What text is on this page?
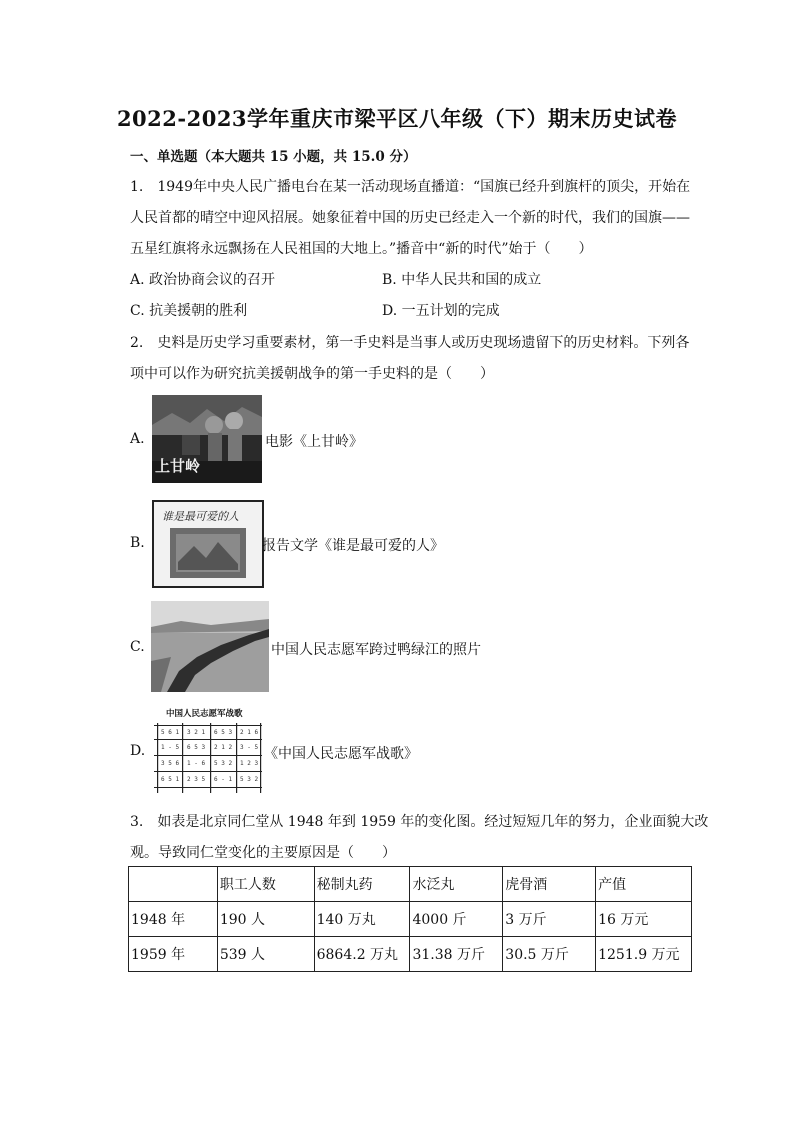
2022-2023学年重庆市梁平区八年级（下）期末历史试卷
一、单选题（本大题共 15 小题，共 15.0 分）
1.　1949年中央人民广播电台在某一活动现场直播道：“国旗已经升到旗杆的顶尖，开始在
人民首都的晴空中迎风招展。她象征着中国的历史已经走入一个新的时代，我们的国旗——
五星红旗将永远飘扬在人民祖国的大地上。”播音中“新的时代”始于（　　）
A. 政治协商会议的召开	B. 中华人民共和国的成立
C. 抗美援朝的胜利	D. 一五计划的完成
2.　史料是历史学习重要素材，第一手史料是当事人或历史现场遗留下的历史材料。下列各
项中可以作为研究抗美援朝战争的第一手史料的是（　　）
A.
上甘岭
电影《上甘岭》
B.
谁是最可爱的人
报告文学《谁是最可爱的人》
C.	中国人民志愿军跨过鸭绿江的照片
D.
中国人民志愿军战歌
5 6 1 3 2 1 6 5 3 2 1 6
1 - 5 6 5 3 2 1 2 3 - 5
3 5 6 1 - 6 5 3 2 1 2 3
6 5 1 2 3 5 6 - 1 5 3 2
《中国人民志愿军战歌》
3.　如表是北京同仁堂从 1948 年到 1959 年的变化图。经过短短几年的努力，企业面貌大改
观。导致同仁堂变化的主要原因是（　　）
	职工人数	秘制丸药	水泛丸	虎骨酒	产值
1948 年	190 人	140 万丸	4000 斤	3 万斤	16 万元
1959 年	539 人	6864.2 万丸	31.38 万斤	30.5 万斤	1251.9 万元
